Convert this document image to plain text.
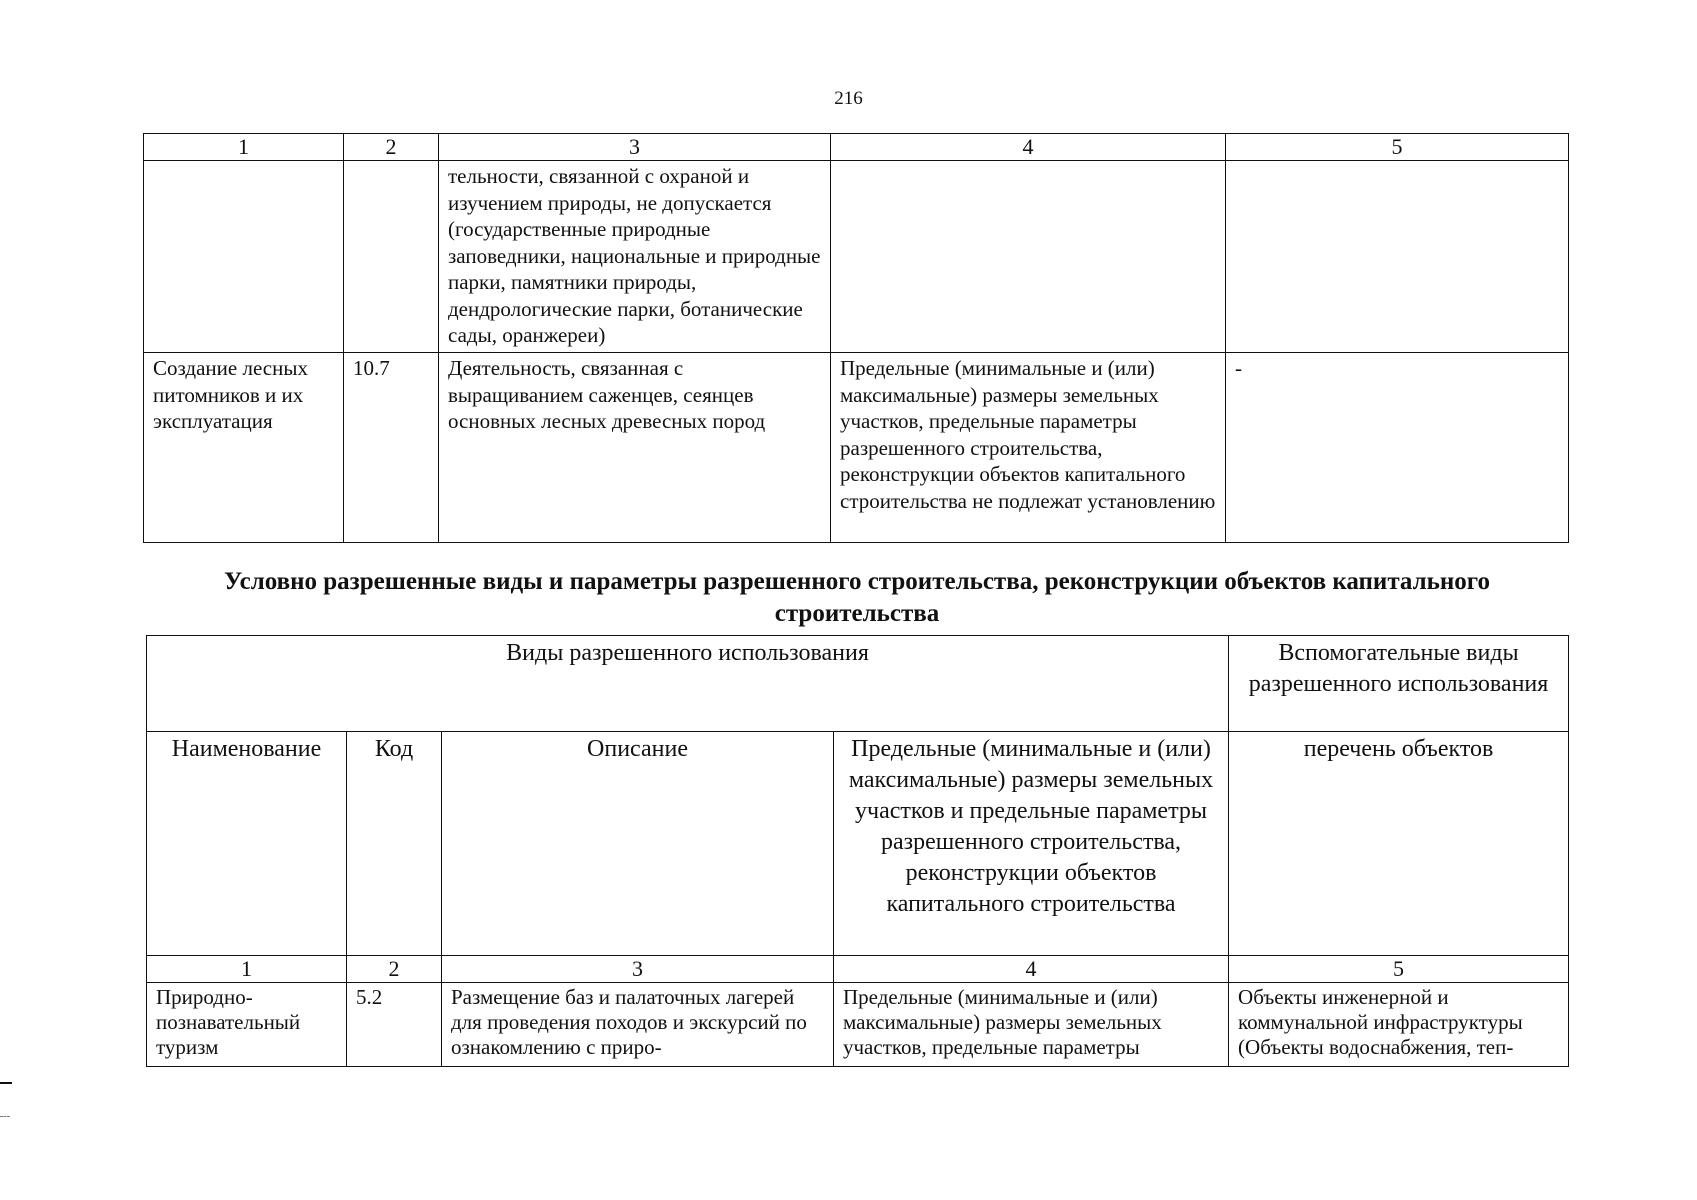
216
1	2	3	4	5
		тельности, связанной с охраной и изучением природы, не допускается (государственные природные заповедники, национальные и природные парки, памятники природы, дендрологические парки, ботанические сады, оранжереи)		
Создание лесных питомников и их эксплуатация	10.7	Деятельность, связанная с выращиванием саженцев, сеянцев основных лесных древесных пород	Предельные (минимальные и (или) максимальные) размеры земельных участков, предельные параметры разрешенного строительства, реконструкции объектов капитального строительства не подлежат установлению	-
Условно разрешенные виды и параметры разрешенного строительства, реконструкции объектов капитального строительства
Виды разрешенного использования				Вспомогательные виды разрешенного использования
Наименование	Код	Описание	Предельные (минимальные и (или) максимальные) размеры земельных участков и предельные параметры разрешенного строительства, реконструкции объектов капитального строительства	перечень объектов
1	2	3	4	5

Природно-познавательный туризм	5.2	Размещение баз и палаточных лагерей для проведения походов и экскурсий по ознакомлению с приро-	Предельные (минимальные и (или) максимальные) размеры земельных участков, предельные параметры	Объекты инженерной и коммунальной инфраструктуры (Объекты водоснабжения, теп-
